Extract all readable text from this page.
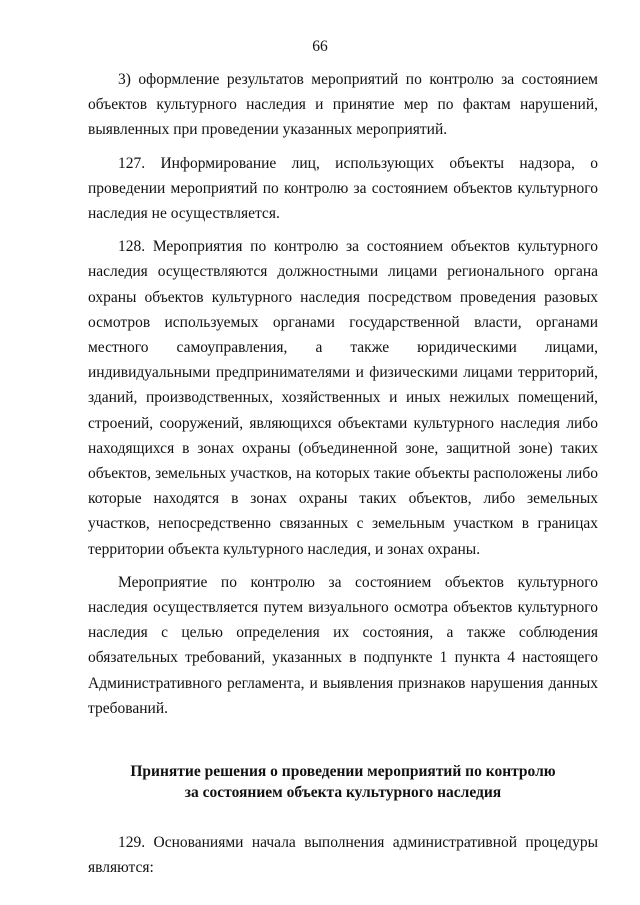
66

3) оформление результатов мероприятий по контролю за состоянием объектов культурного наследия и принятие мер по фактам нарушений, выявленных при проведении указанных мероприятий.

127. Информирование лиц, использующих объекты надзора, о проведении мероприятий по контролю за состоянием объектов культурного наследия не осуществляется.

128. Мероприятия по контролю за состоянием объектов культурного наследия осуществляются должностными лицами регионального органа охраны объектов культурного наследия посредством проведения разовых осмотров используемых органами государственной власти, органами местного самоуправления, а также юридическими лицами, индивидуальными предпринимателями и физическими лицами территорий, зданий, производственных, хозяйственных и иных нежилых помещений, строений, сооружений, являющихся объектами культурного наследия либо находящихся в зонах охраны (объединенной зоне, защитной зоне) таких объектов, земельных участков, на которых такие объекты расположены либо которые находятся в зонах охраны таких объектов, либо земельных участков, непосредственно связанных с земельным участком в границах территории объекта культурного наследия, и зонах охраны.

Мероприятие по контролю за состоянием объектов культурного наследия осуществляется путем визуального осмотра объектов культурного наследия с целью определения их состояния, а также соблюдения обязательных требований, указанных в подпункте 1 пункта 4 настоящего Административного регламента, и выявления признаков нарушения данных требований.

Принятие решения о проведении мероприятий по контролю
за состоянием объекта культурного наследия

129. Основаниями начала выполнения административной процедуры являются:
